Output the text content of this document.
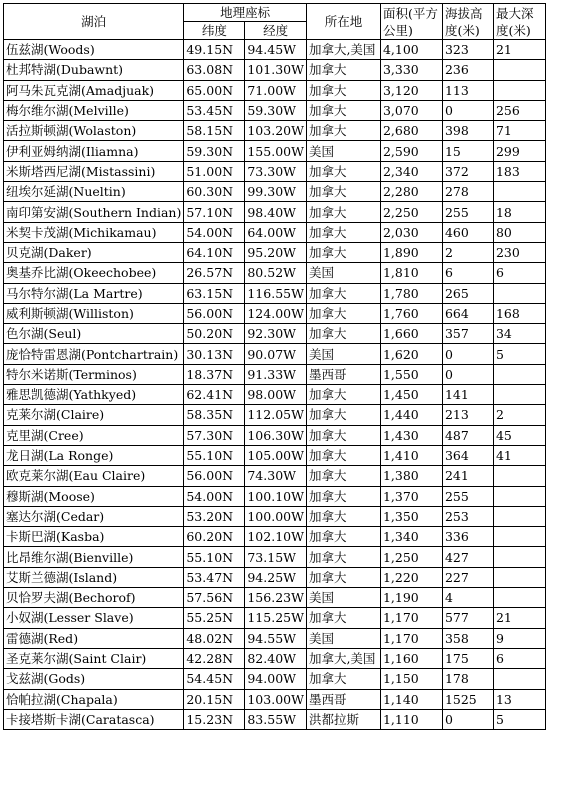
湖泊	地理座标		所在地	面积(平方公里)	海拔高度(米)	最大深度(米)
	纬度	经度				
伍兹湖(Woods)	49.15N	94.45W	加拿大,美国	4,100	323	21
杜邦特湖(Dubawnt)	63.08N	101.30W	加拿大	3,330	236	
阿马朱瓦克湖(Amadjuak)	65.00N	71.00W	加拿大	3,120	113	
梅尔维尔湖(Melville)	53.45N	59.30W	加拿大	3,070	0	256
活拉斯顿湖(Wolaston)	58.15N	103.20W	加拿大	2,680	398	71
伊利亚姆纳湖(Iliamna)	59.30N	155.00W	美国	2,590	15	299
米斯塔西尼湖(Mistassini)	51.00N	73.30W	加拿大	2,340	372	183
纽埃尔延湖(Nueltin)	60.30N	99.30W	加拿大	2,280	278	
南印第安湖(Southern Indian)	57.10N	98.40W	加拿大	2,250	255	18
米契卡茂湖(Michikamau)	54.00N	64.00W	加拿大	2,030	460	80
贝克湖(Daker)	64.10N	95.20W	加拿大	1,890	2	230
奥基乔比湖(Okeechobee)	26.57N	80.52W	美国	1,810	6	6
马尔特尔湖(La Martre)	63.15N	116.55W	加拿大	1,780	265	
威利斯顿湖(Williston)	56.00N	124.00W	加拿大	1,760	664	168
色尔湖(Seul)	50.20N	92.30W	加拿大	1,660	357	34
庞恰特雷恩湖(Pontchartrain)	30.13N	90.07W	美国	1,620	0	5
特尔米诺斯(Terminos)	18.37N	91.33W	墨西哥	1,550	0	
雅思凯德湖(Yathkyed)	62.41N	98.00W	加拿大	1,450	141	
克莱尔湖(Claire)	58.35N	112.05W	加拿大	1,440	213	2
克里湖(Cree)	57.30N	106.30W	加拿大	1,430	487	45
龙日湖(La Ronge)	55.10N	105.00W	加拿大	1,410	364	41
欧克莱尔湖(Eau Claire)	56.00N	74.30W	加拿大	1,380	241	
穆斯湖(Moose)	54.00N	100.10W	加拿大	1,370	255	
塞达尔湖(Cedar)	53.20N	100.00W	加拿大	1,350	253	
卡斯巴湖(Kasba)	60.20N	102.10W	加拿大	1,340	336	
比昂维尔湖(Bienville)	55.10N	73.15W	加拿大	1,250	427	
艾斯兰德湖(Island)	53.47N	94.25W	加拿大	1,220	227	
贝恰罗夫湖(Bechorof)	57.56N	156.23W	美国	1,190	4	
小奴湖(Lesser Slave)	55.25N	115.25W	加拿大	1,170	577	21
雷德湖(Red)	48.02N	94.55W	美国	1,170	358	9
圣克莱尔湖(Saint Clair)	42.28N	82.40W	加拿大,美国	1,160	175	6
戈兹湖(Gods)	54.45N	94.00W	加拿大	1,150	178	
恰帕拉湖(Chapala)	20.15N	103.00W	墨西哥	1,140	1525	13
卡接塔斯卡湖(Caratasca)	15.23N	83.55W	洪都拉斯	1,110	0	5
